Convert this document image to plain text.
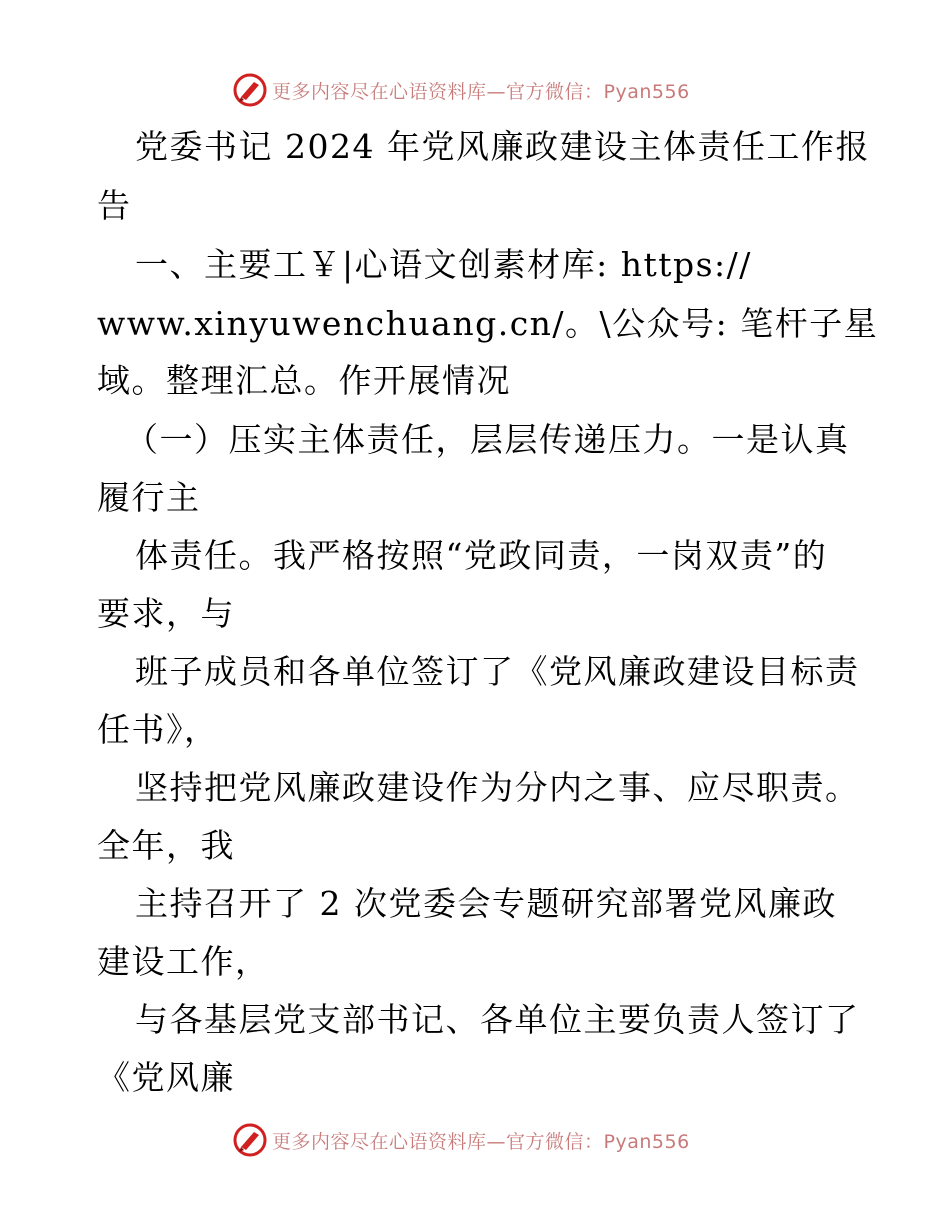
更多内容尽在心语资料库—官方微信：Pyan556
党委书记 2024 年党风廉政建设主体责任工作报
告
一、主要工￥|心语文创素材库: https://
www.xinyuwenchuang.cn/。\公众号: 笔杆子星
域。整理汇总。作开展情况
（一）压实主体责任，层层传递压力。一是认真
履行主
体责任。我严格按照“党政同责，一岗双责”的
要求，与
班子成员和各单位签订了《党风廉政建设目标责
任书》，
坚持把党风廉政建设作为分内之事、应尽职责。
全年，我
主持召开了 2 次党委会专题研究部署党风廉政
建设工作，
与各基层党支部书记、各单位主要负责人签订了
《党风廉
更多内容尽在心语资料库—官方微信：Pyan556
